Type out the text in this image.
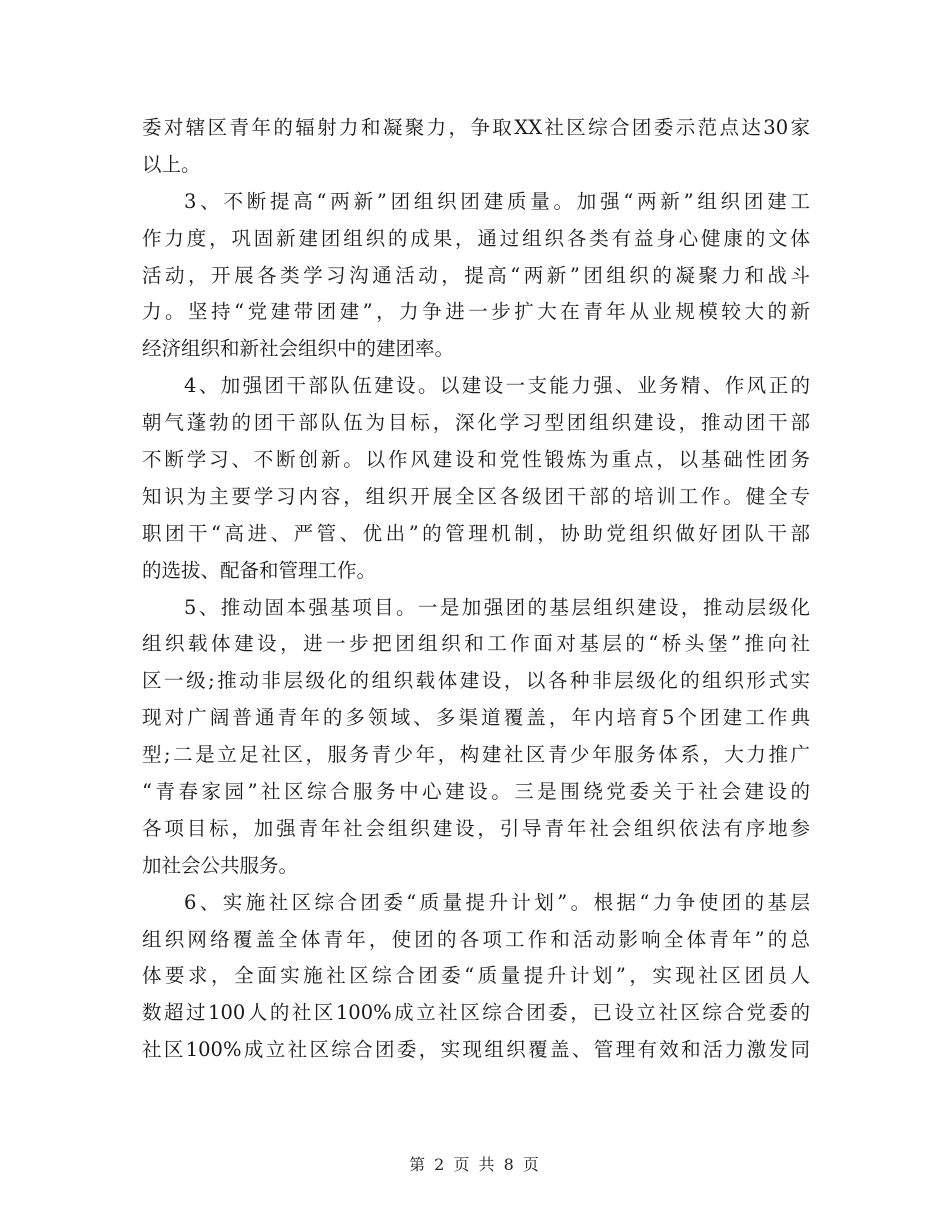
委对辖区青年的辐射力和凝聚力，争取XX社区综合团委示范点达30家
以上。
3、不断提高“两新”团组织团建质量。加强“两新”组织团建工
作力度，巩固新建团组织的成果，通过组织各类有益身心健康的文体
活动，开展各类学习沟通活动，提高“两新”团组织的凝聚力和战斗
力。坚持“党建带团建”，力争进一步扩大在青年从业规模较大的新
经济组织和新社会组织中的建团率。
4、加强团干部队伍建设。以建设一支能力强、业务精、作风正的
朝气蓬勃的团干部队伍为目标，深化学习型团组织建设，推动团干部
不断学习、不断创新。以作风建设和党性锻炼为重点，以基础性团务
知识为主要学习内容，组织开展全区各级团干部的培训工作。健全专
职团干“高进、严管、优出”的管理机制，协助党组织做好团队干部
的选拔、配备和管理工作。
5、推动固本强基项目。一是加强团的基层组织建设，推动层级化
组织载体建设，进一步把团组织和工作面对基层的“桥头堡”推向社
区一级;推动非层级化的组织载体建设，以各种非层级化的组织形式实
现对广阔普通青年的多领域、多渠道覆盖，年内培育5个团建工作典
型;二是立足社区，服务青少年，构建社区青少年服务体系，大力推广
“青春家园”社区综合服务中心建设。三是围绕党委关于社会建设的
各项目标，加强青年社会组织建设，引导青年社会组织依法有序地参
加社会公共服务。
6、实施社区综合团委“质量提升计划”。根据“力争使团的基层
组织网络覆盖全体青年，使团的各项工作和活动影响全体青年”的总
体要求，全面实施社区综合团委“质量提升计划”，实现社区团员人
数超过100人的社区100%成立社区综合团委，已设立社区综合党委的
社区100%成立社区综合团委，实现组织覆盖、管理有效和活力激发同
第 2 页 共 8 页
